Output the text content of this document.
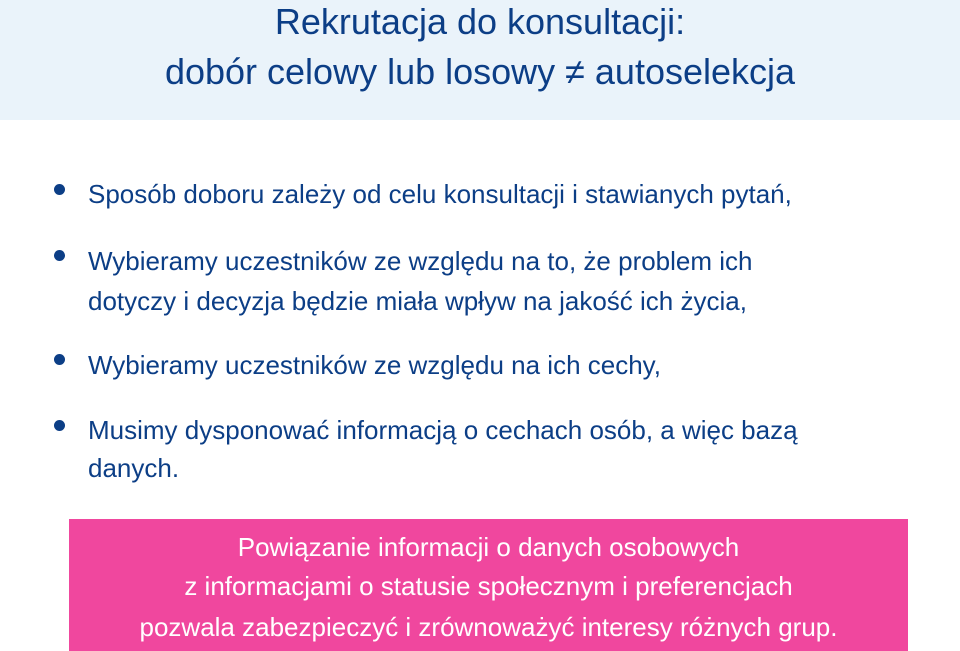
Rekrutacja do konsultacji:
dobór celowy lub losowy ≠ autoselekcja
Sposób doboru zależy od celu konsultacji i stawianych pytań,
Wybieramy uczestników ze względu na to, że problem ich
dotyczy i decyzja będzie miała wpływ na jakość ich życia,
Wybieramy uczestników ze względu na ich cechy,
Musimy dysponować informacją o cechach osób, a więc bazą
danych.
Powiązanie informacji o danych osobowych
z informacjami o statusie społecznym i preferencjach
pozwala zabezpieczyć i zrównoważyć interesy różnych grup.
